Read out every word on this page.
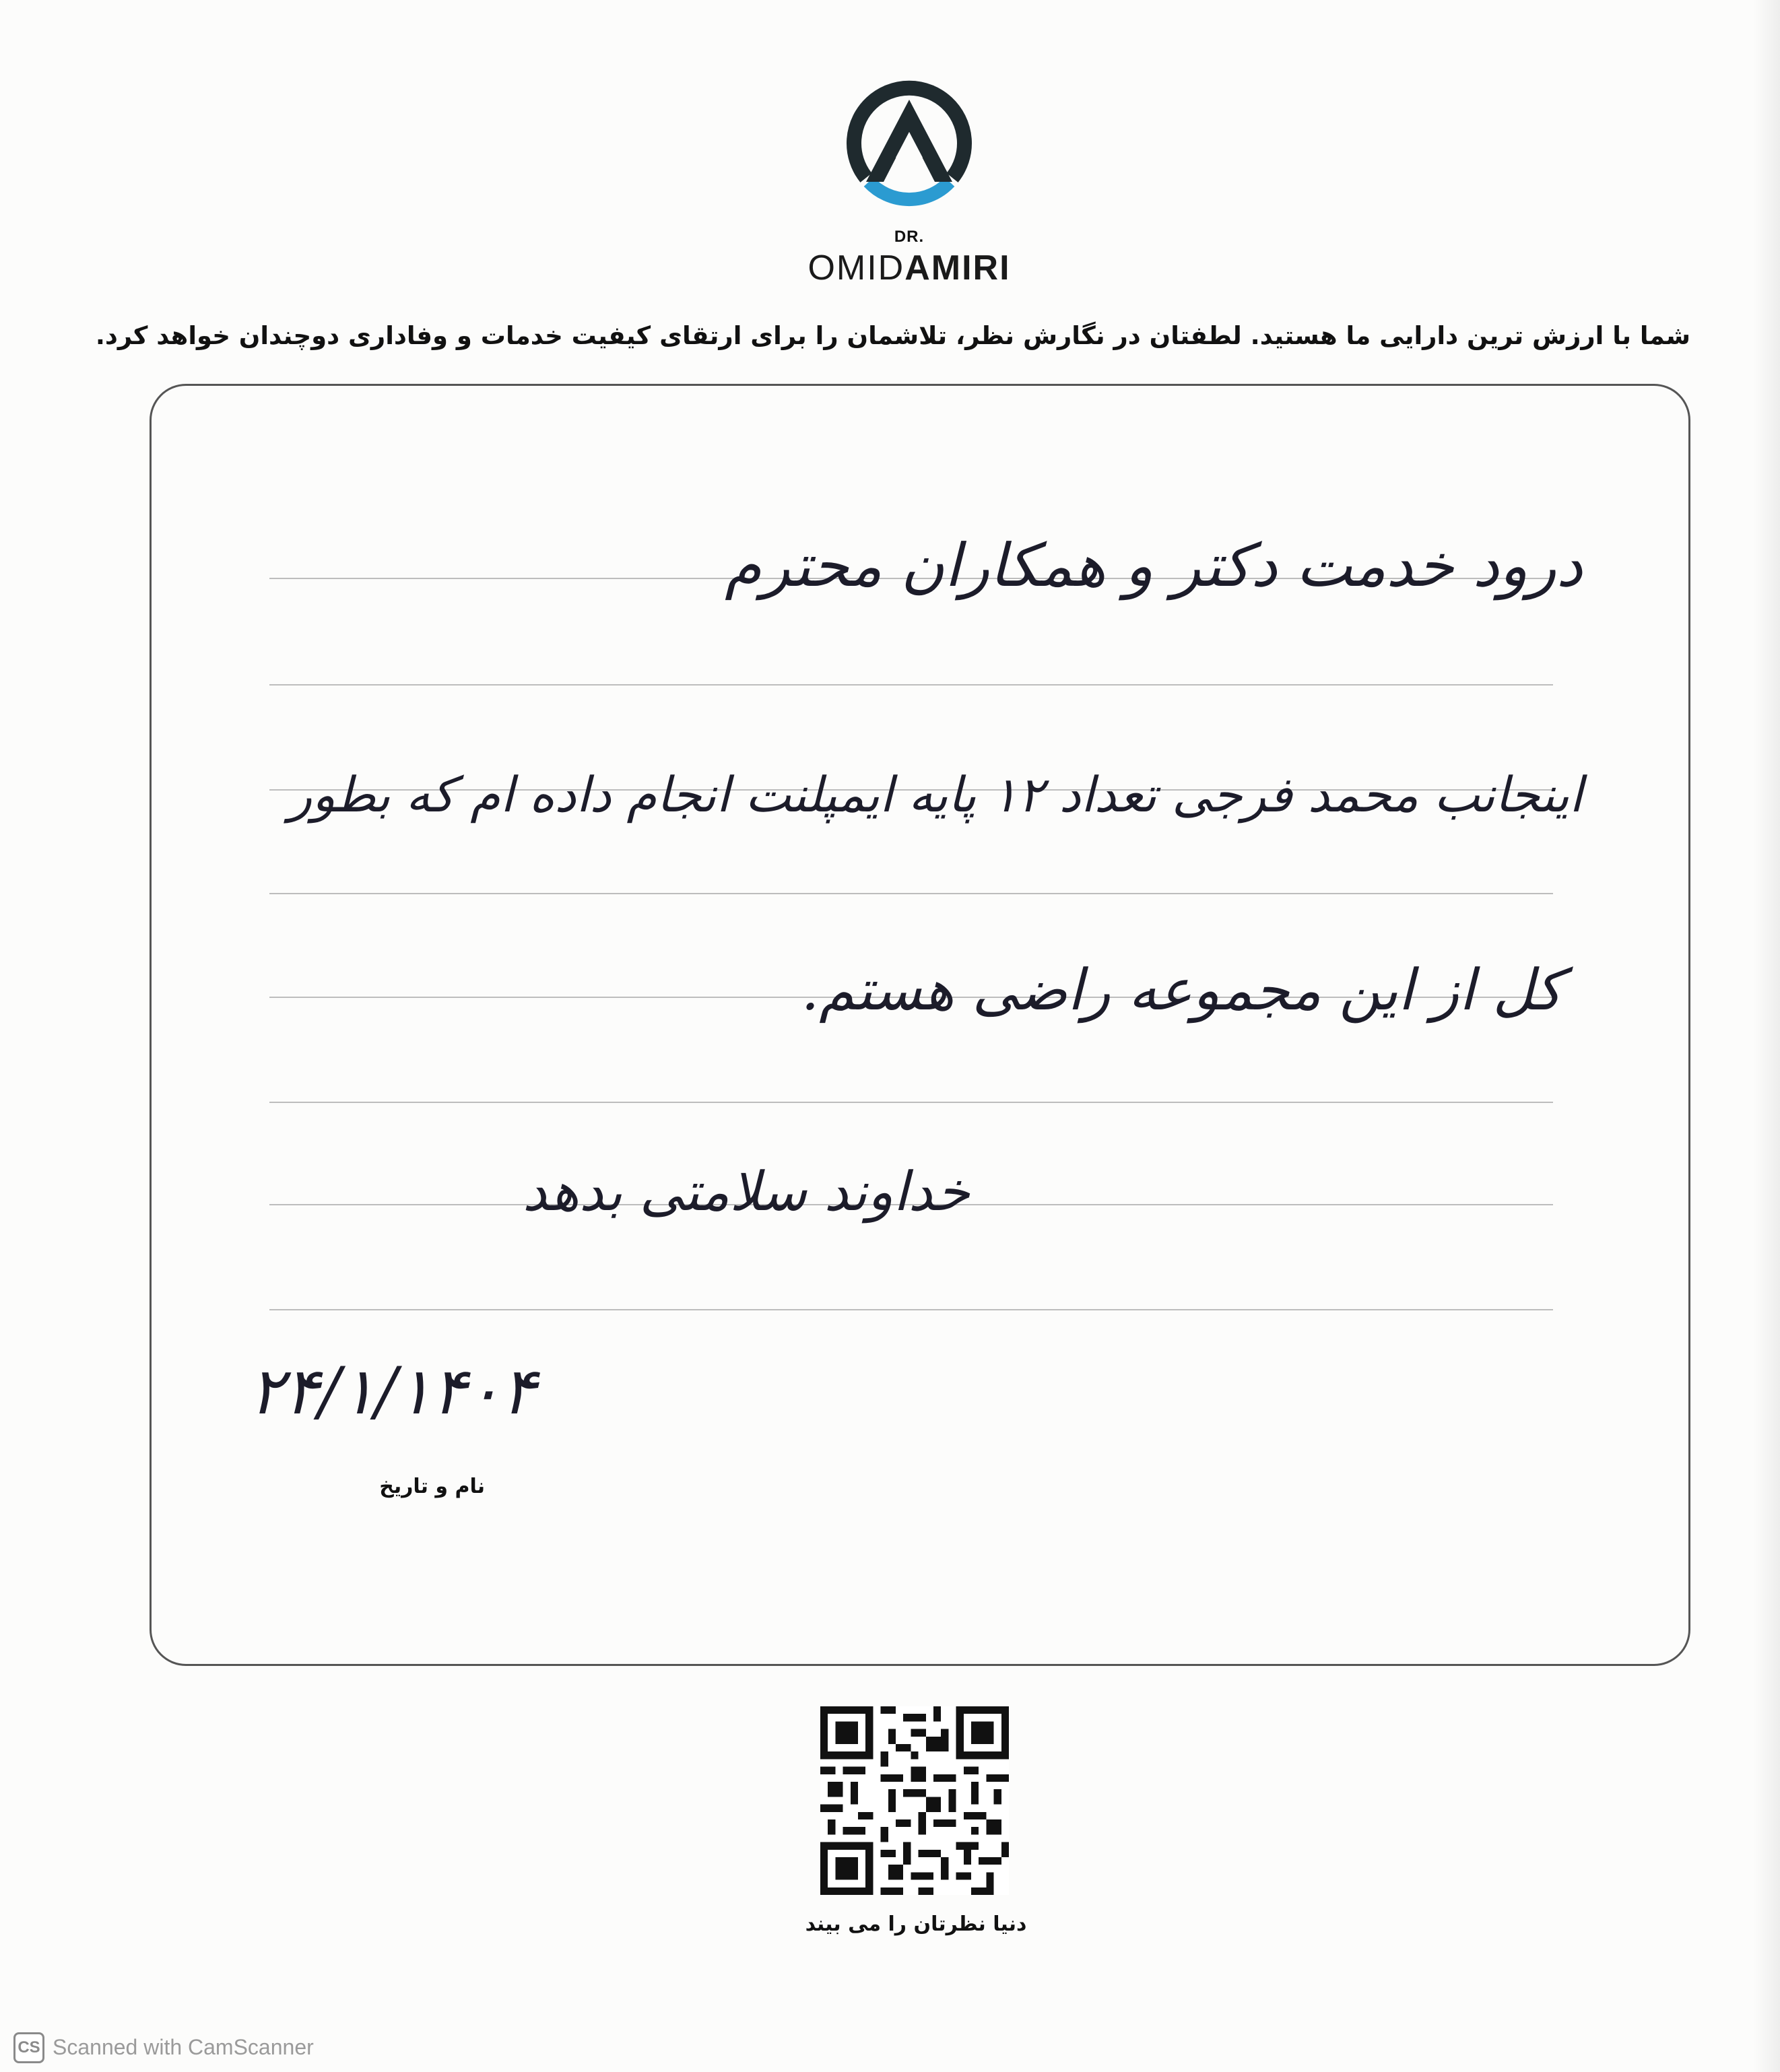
DR.
OMIDAMIRI
شما با ارزش ترین دارایی ما هستید. لطفتان در نگارش نظر، تلاشمان را برای ارتقای کیفیت خدمات و وفاداری دوچندان خواهد کرد.
درود خدمت دکتر و همکاران محترم
اینجانب محمد فرجی تعداد ۱۲ پایه ایمپلنت انجام داده ام که بطور
کل از این مجموعه راضی هستم.
خداوند سلامتی بدهد
۲۴/۱/۱۴۰۴
نام و تاریخ
دنیا نظرتان را می بیند
CS Scanned with CamScanner
